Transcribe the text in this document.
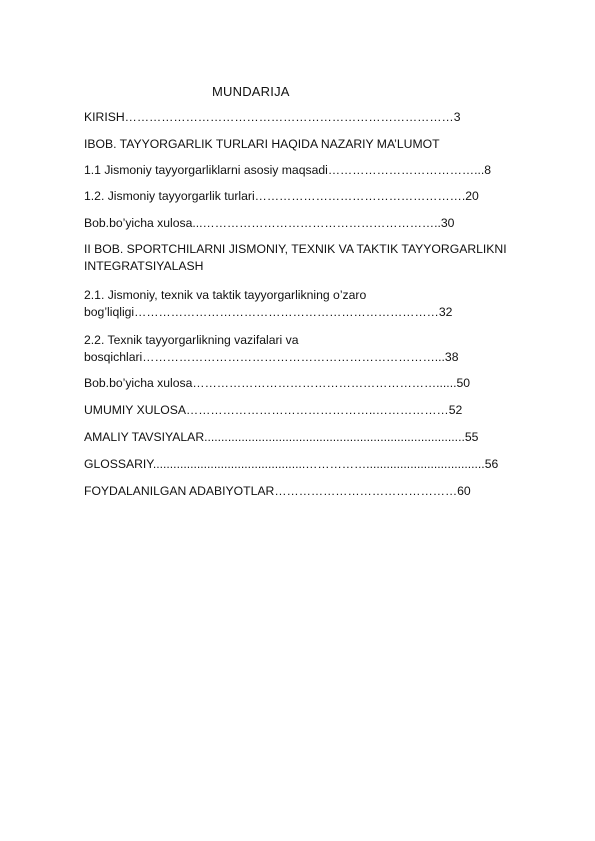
MUNDARIJA
KIRISH………………………………………………………………………3
IBOB. TAYYORGARLIK TURLARI HAQIDA NAZARIY MA’LUMOT
1.1 Jismoniy tayyorgarliklarni asosiy maqsadi………………………………...8
1.2. Jismoniy tayyorgarlik turlari…………………………………………….20
Bob.bo’yicha xulosa...…………………………………………………..30
II BOB. SPORTCHILARNI JISMONIY, TEXNIK VA TAKTIK TAYYORGARLIKNI
INTEGRATSIYALASH
2.1. Jismoniy, texnik va taktik tayyorgarlikning o’zaro
bog’liqligi…………………………………………………………………32
2.2. Texnik tayyorgarlikning vazifalari va
bosqichlari………………………………………………………………...38
Bob.bo’yicha xulosa……………………………………………………......50
UMUMIY XULOSA………………………………………..………………52
AMALIY TAVSIYALAR.............................................................................55
GLOSSARIY.............................................……………...................................56
FOYDALANILGAN ADABIYOTLAR………………………………………60
